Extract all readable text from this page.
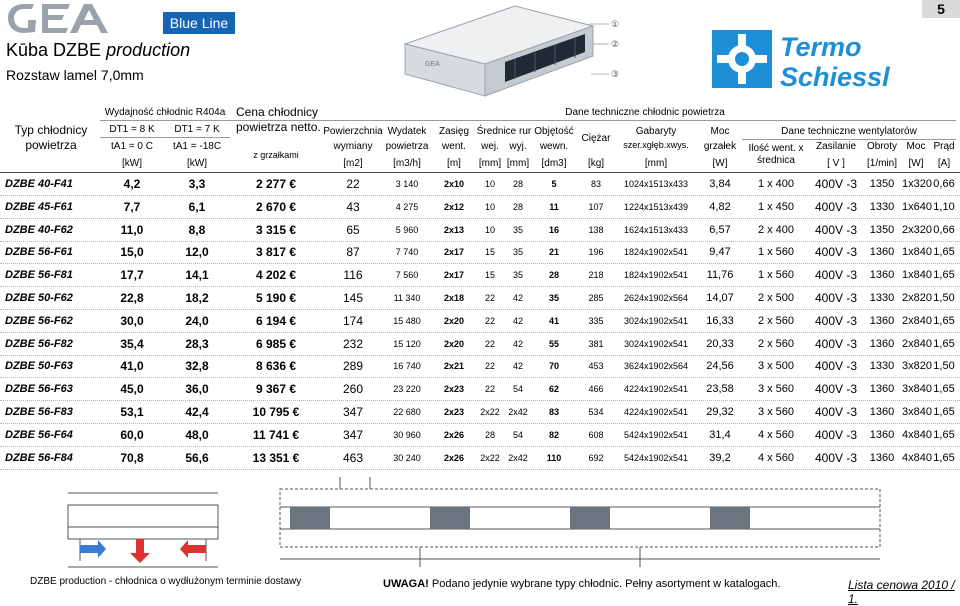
Blue Line
Kūba DZBE production
Rozstaw lamel 7,0mm
GEA
①
②
③
Termo
Schiessl
5
Typ chłodnicy
powietrza
Wydajność chłodnic R404a
DT1 = 8 K	DT1 = 7 K
tA1 = 0 C	tA1 = -18C
Cena chłodnicy
powietrza netto.
z grzałkami
Dane techniczne chłodnic powietrza
Powierzchnia
wymiany
Wydatek
powietrza
Zasięg
went.
Średnice rur
wej.	wyj.
Objętość
wewn.
Ciężar
Gabaryty
szer.xgłęb.xwys.
Moc
grzałek
Dane techniczne wentylatorów
Ilość went. x
średnica
Zasilanie	Obroty Moc Prąd
[kW]	[kW]	[m2]	[m3/h]	[m]	[mm] [mm]	[dm3]	[kg]	[mm]	[W]	[ V ]	[1/min]	[W]	[A]
DZBE 40-F41	4,2	3,3	2 277 €	22	3 140	2x10	10	28	5	83	1024x1513x433	3,84	1 x 400	400V -3	1350 1x320 0,66
DZBE 45-F61	7,7	6,1	2 670 €	43	4 275	2x12	10	28	11	107	1224x1513x439	4,82	1 x 450	400V -3	1330 1x640 1,10
DZBE 40-F62	11,0	8,8	3 315 €	65	5 960	2x13	10	35	16	138	1624x1513x433	6,57	2 x 400	400V -3	1350 2x320 0,66
DZBE 56-F61	15,0	12,0	3 817 €	87	7 740	2x17	15	35	21	196	1824x1902x541	9,47	1 x 560	400V -3	1360 1x840 1,65
DZBE 56-F81	17,7	14,1	4 202 €	116	7 560	2x17	15	35	28	218	1824x1902x541	11,76	1 x 560	400V -3	1360 1x840 1,65
DZBE 50-F62	22,8	18,2	5 190 €	145	11 340	2x18	22	42	35	285	2624x1902x564	14,07	2 x 500	400V -3	1330 2x820 1,50
DZBE 56-F62	30,0	24,0	6 194 €	174	15 480	2x20	22	42	41	335	3024x1902x541	16,33	2 x 560	400V -3	1360 2x840 1,65
DZBE 56-F82	35,4	28,3	6 985 €	232	15 120	2x20	22	42	55	381	3024x1902x541	20,33	2 x 560	400V -3	1360 2x840 1,65
DZBE 50-F63	41,0	32,8	8 636 €	289	16 740	2x21	22	42	70	453	3624x1902x564	24,56	3 x 500	400V -3	1330 3x820 1,50
DZBE 56-F63	45,0	36,0	9 367 €	260	23 220	2x23	22	54	62	466	4224x1902x541	23,58	3 x 560	400V -3	1360 3x840 1,65
DZBE 56-F83	53,1	42,4	10 795 €	347	22 680	2x23	2x22 2x42	83	534	4224x1902x541	29,32	3 x 560	400V -3	1360 3x840 1,65
DZBE 56-F64	60,0	48,0	11 741 €	347	30 960	2x26	28	54	82	608	5424x1902x541	31,4	4 x 560	400V -3	1360 4x840 1,65
DZBE 56-F84	70,8	56,6	13 351 €	463	30 240	2x26	2x22 2x42	110	692	5424x1902x541	39,2	4 x 560	400V -3	1360 4x840 1,65
DZBE production - chłodnica o wydłużonym terminie dostawy	UWAGA! Podano jedynie wybrane typy chłodnic. Pełny asortyment w katalogach.	Lista cenowa 2010 / 1.
